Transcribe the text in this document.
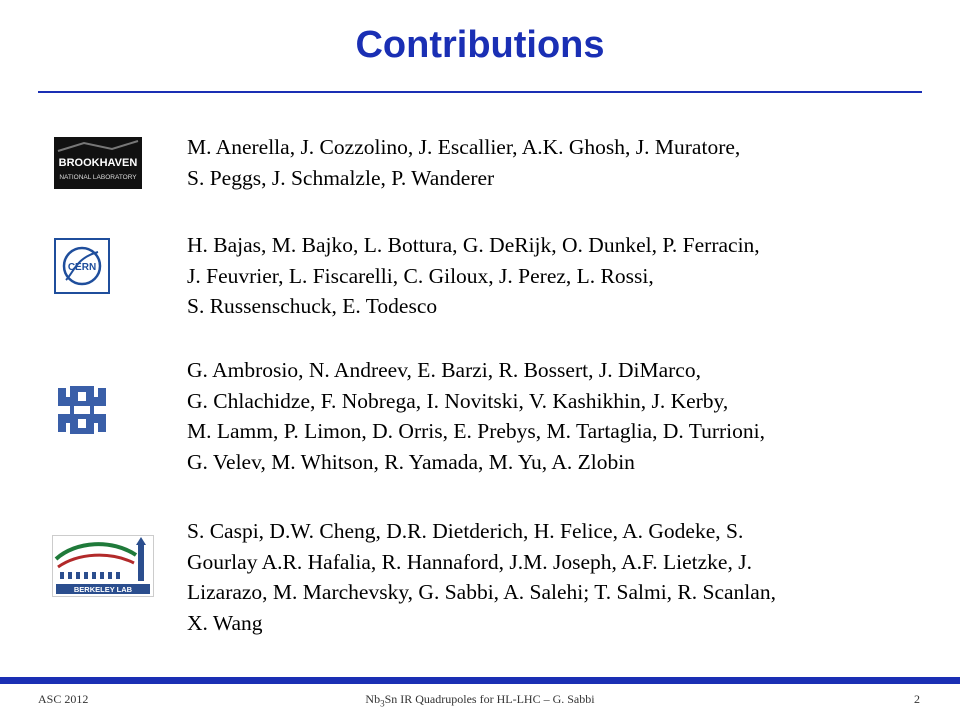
Contributions
BROOKHAVEN
NATIONAL LABORATORY

M. Anerella, J. Cozzolino, J. Escallier, A.K. Ghosh, J. Muratore,

S. Peggs, J. Schmalzle, P. Wanderer

CERN

H. Bajas, M. Bajko, L. Bottura, G. DeRijk, O. Dunkel, P. Ferracin,

J. Feuvrier, L. Fiscarelli, C. Giloux, J. Perez, L. Rossi,

S. Russenschuck, E. Todesco

G. Ambrosio, N. Andreev, E. Barzi, R. Bossert, J. DiMarco,

G. Chlachidze, F. Nobrega, I. Novitski, V. Kashikhin, J. Kerby,

M. Lamm, P. Limon, D. Orris, E. Prebys, M. Tartaglia, D. Turrioni,

G. Velev, M. Whitson, R. Yamada, M. Yu, A. Zlobin

BERKELEY LAB

S. Caspi, D.W. Cheng, D.R. Dietderich, H. Felice, A. Godeke, S.

Gourlay A.R. Hafalia, R. Hannaford, J.M. Joseph, A.F. Lietzke, J.

Lizarazo, M. Marchevsky, G. Sabbi, A. Salehi; T. Salmi, R. Scanlan,

X. Wang

ASC 2012	$Nb_3Sn$ IR Quadrupoles for HL-LHC – G. Sabbi	2
